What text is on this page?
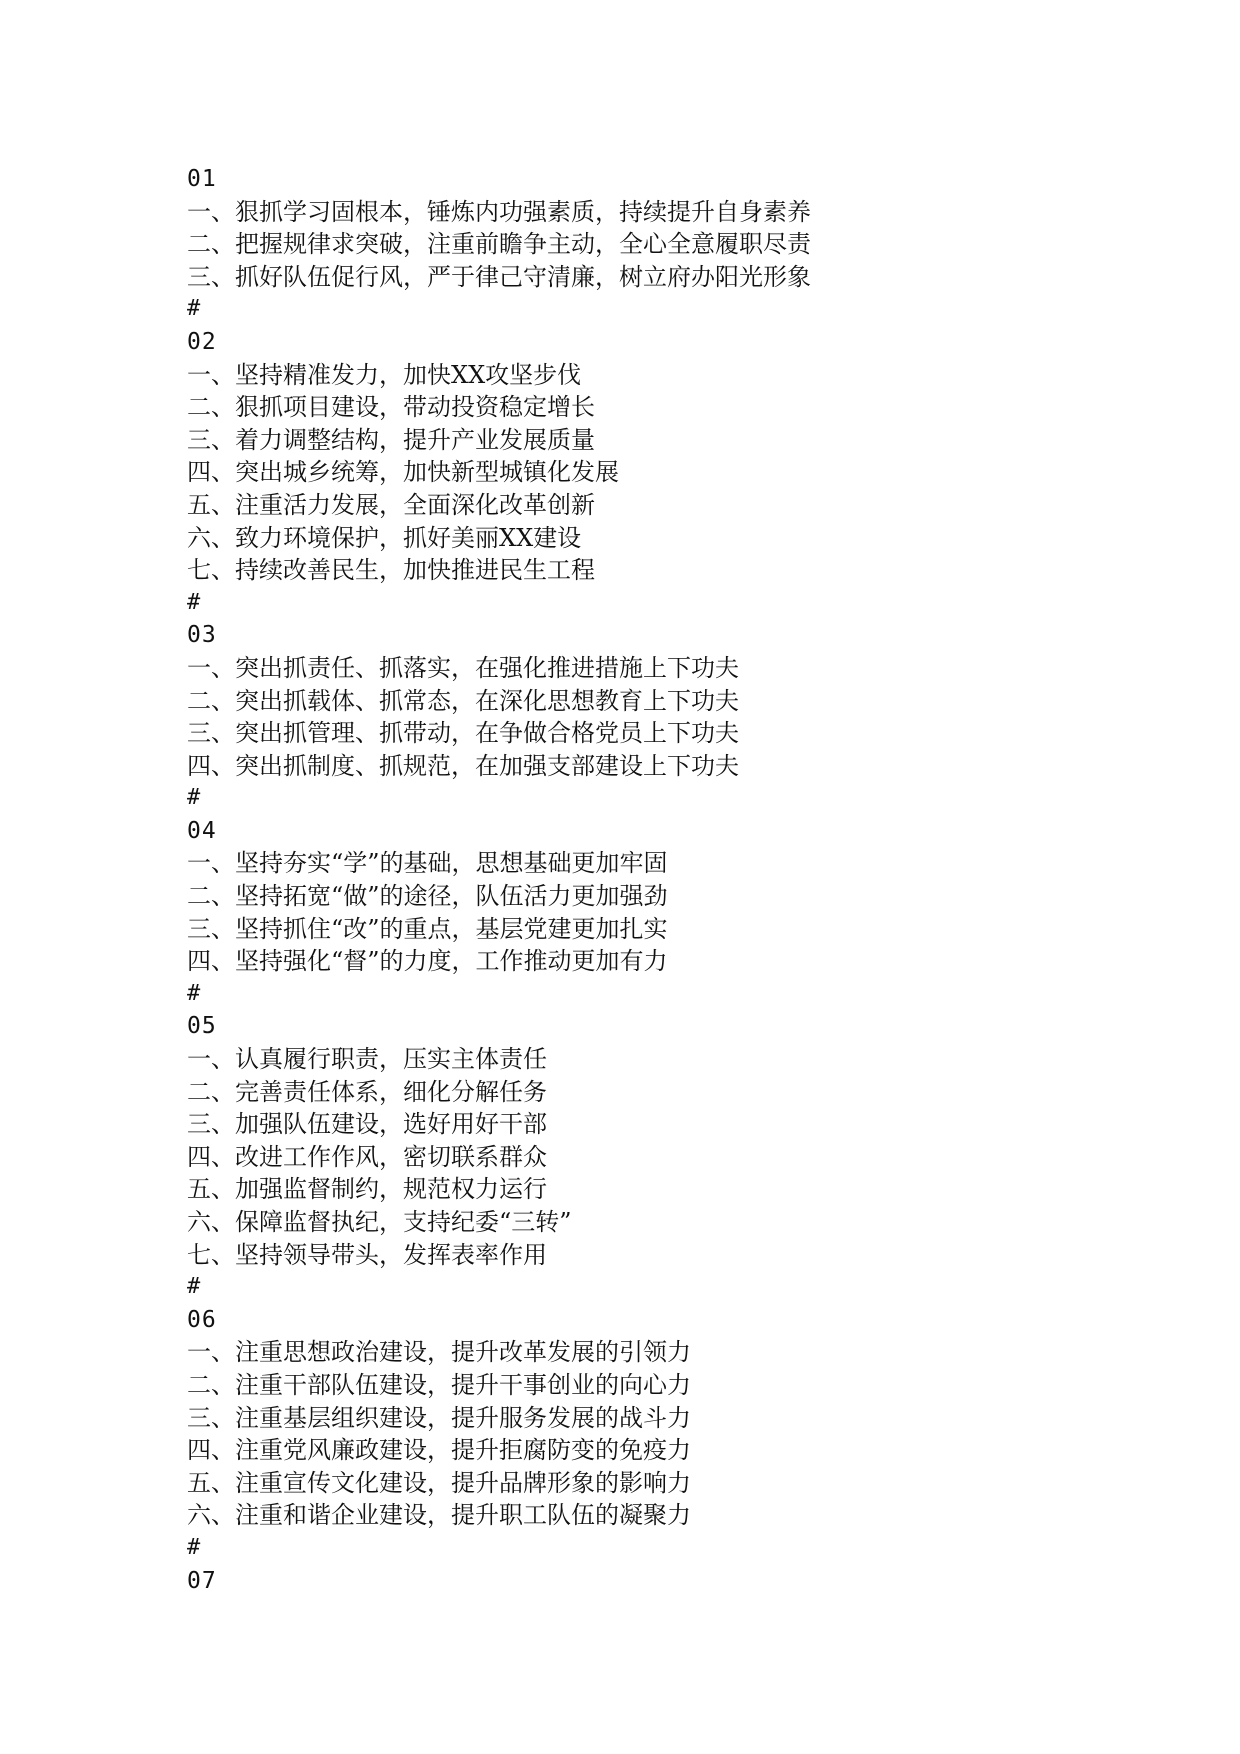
01
一、狠抓学习固根本，锤炼内功强素质，持续提升自身素养
二、把握规律求突破，注重前瞻争主动，全心全意履职尽责
三、抓好队伍促行风，严于律己守清廉，树立府办阳光形象
#
02
一、坚持精准发力，加快XX攻坚步伐
二、狠抓项目建设，带动投资稳定增长
三、着力调整结构，提升产业发展质量
四、突出城乡统筹，加快新型城镇化发展
五、注重活力发展，全面深化改革创新
六、致力环境保护，抓好美丽XX建设
七、持续改善民生，加快推进民生工程
#
03
一、突出抓责任、抓落实，在强化推进措施上下功夫
二、突出抓载体、抓常态，在深化思想教育上下功夫
三、突出抓管理、抓带动，在争做合格党员上下功夫
四、突出抓制度、抓规范，在加强支部建设上下功夫
#
04
一、坚持夯实“学”的基础，思想基础更加牢固
二、坚持拓宽“做”的途径，队伍活力更加强劲
三、坚持抓住“改”的重点，基层党建更加扎实
四、坚持强化“督”的力度，工作推动更加有力
#
05
一、认真履行职责，压实主体责任
二、完善责任体系，细化分解任务
三、加强队伍建设，选好用好干部
四、改进工作作风，密切联系群众
五、加强监督制约，规范权力运行
六、保障监督执纪，支持纪委“三转”
七、坚持领导带头，发挥表率作用
#
06
一、注重思想政治建设，提升改革发展的引领力
二、注重干部队伍建设，提升干事创业的向心力
三、注重基层组织建设，提升服务发展的战斗力
四、注重党风廉政建设，提升拒腐防变的免疫力
五、注重宣传文化建设，提升品牌形象的影响力
六、注重和谐企业建设，提升职工队伍的凝聚力
#
07
